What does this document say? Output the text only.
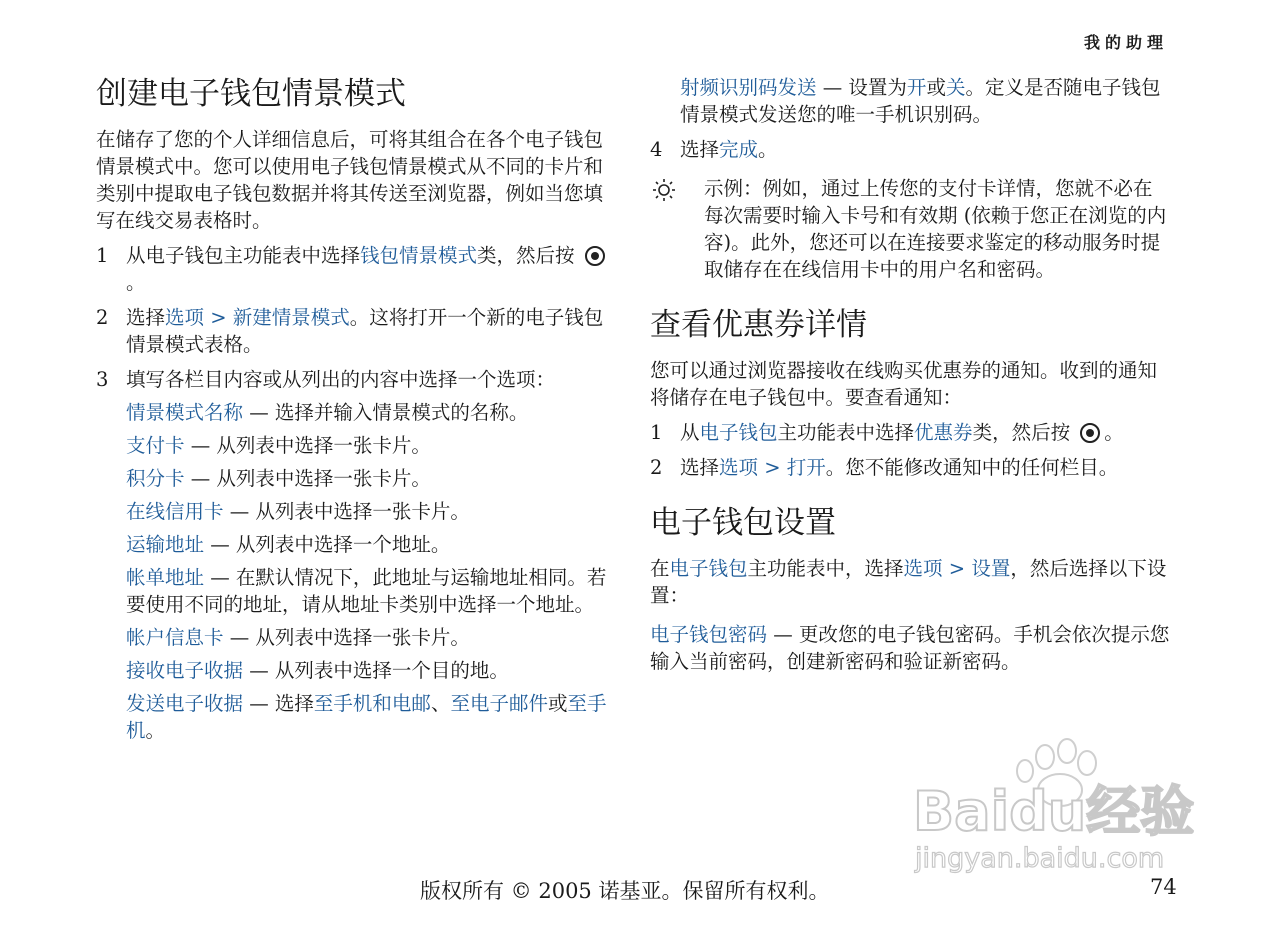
我的助理
创建电子钱包情景模式

在储存了您的个人详细信息后，可将其组合在各个电子钱包情景模式中。您可以使用电子钱包情景模式从不同的卡片和类别中提取电子钱包数据并将其传送至浏览器，例如当您填写在线交易表格时。

1 从电子钱包主功能表中选择钱包情景模式类，然后按 。
2 选择选项 > 新建情景模式。这将打开一个新的电子钱包情景模式表格。
3 填写各栏目内容或从列出的内容中选择一个选项：
情景模式名称 — 选择并输入情景模式的名称。
支付卡 — 从列表中选择一张卡片。
积分卡 — 从列表中选择一张卡片。
在线信用卡 — 从列表中选择一张卡片。
运输地址 — 从列表中选择一个地址。
帐单地址 — 在默认情况下，此地址与运输地址相同。若要使用不同的地址，请从地址卡类别中选择一个地址。
帐户信息卡 — 从列表中选择一张卡片。
接收电子收据 — 从列表中选择一个目的地。
发送电子收据 — 选择至手机和电邮、至电子邮件或至手机。
射频识别码发送 — 设置为开或关。定义是否随电子钱包情景模式发送您的唯一手机识别码。
4 选择完成。
示例：例如，通过上传您的支付卡详情，您就不必在每次需要时输入卡号和有效期 (依赖于您正在浏览的内容)。此外，您还可以在连接要求鉴定的移动服务时提取储存在在线信用卡中的用户名和密码。
查看优惠券详情

您可以通过浏览器接收在线购买优惠券的通知。收到的通知将储存在电子钱包中。要查看通知：

1 从电子钱包主功能表中选择优惠券类，然后按 。
2 选择选项 > 打开。您不能修改通知中的任何栏目。
电子钱包设置

在电子钱包主功能表中，选择选项 > 设置，然后选择以下设置：

电子钱包密码 — 更改您的电子钱包密码。手机会依次提示您输入当前密码，创建新密码和验证新密码。

Baidu经验
jingyan.baidu.com
版权所有 © 2005 诺基亚。保留所有权利。	74
